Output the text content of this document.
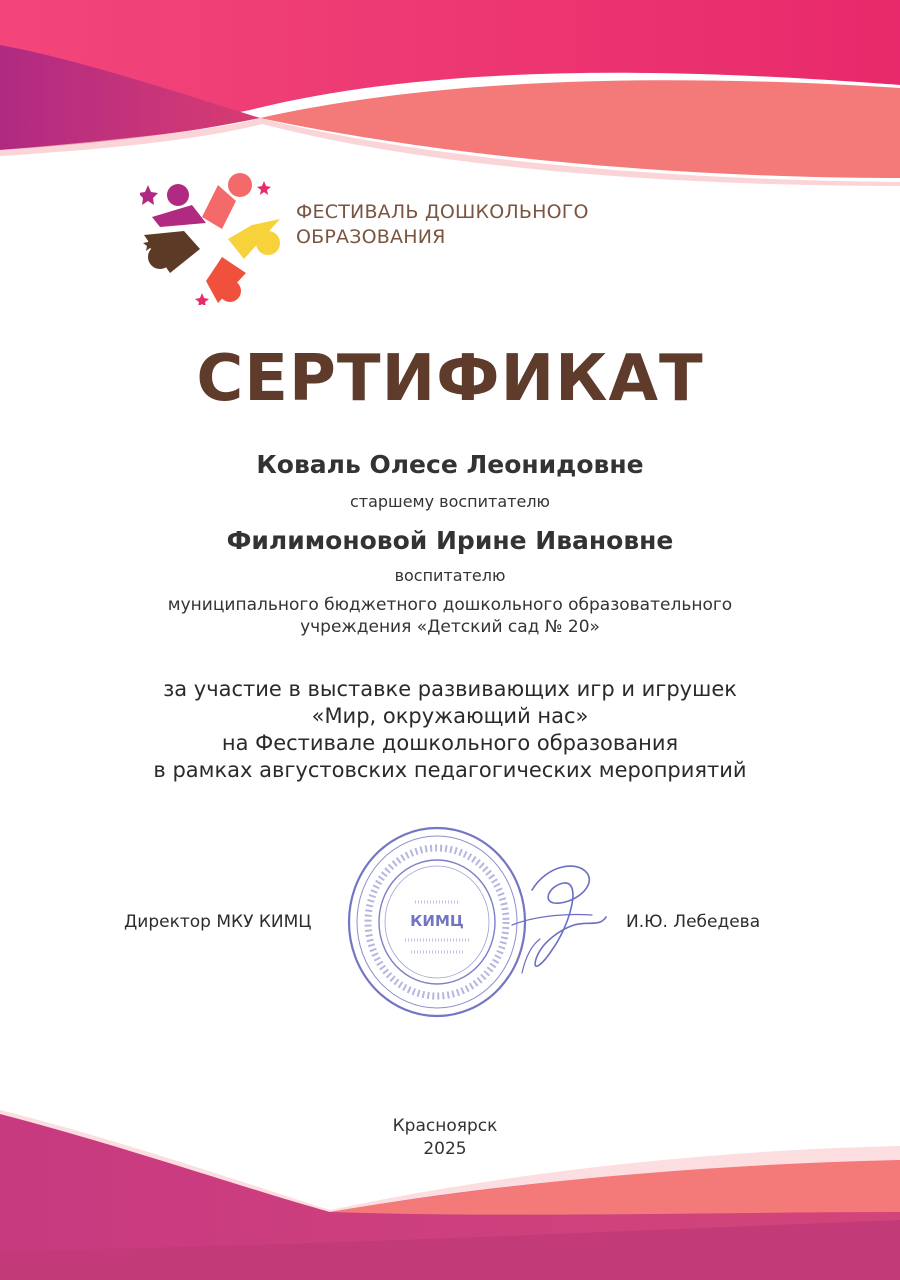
ФЕСТИВАЛЬ ДОШКОЛЬНОГО
ОБРАЗОВАНИЯ
СЕРТИФИКАТ
Коваль Олесе Леонидовне
старшему воспитателю
Филимоновой Ирине Ивановне
воспитателю
муниципального бюджетного дошкольного образовательного
учреждения «Детский сад № 20»
за участие в выставке развивающих игр и игрушек
«Мир, окружающий нас»
на Фестивале дошкольного образования
в рамках августовских педагогических мероприятий
Директор МКУ КИМЦ	КИМЦ	И.Ю. Лебедева
Красноярск
2025
